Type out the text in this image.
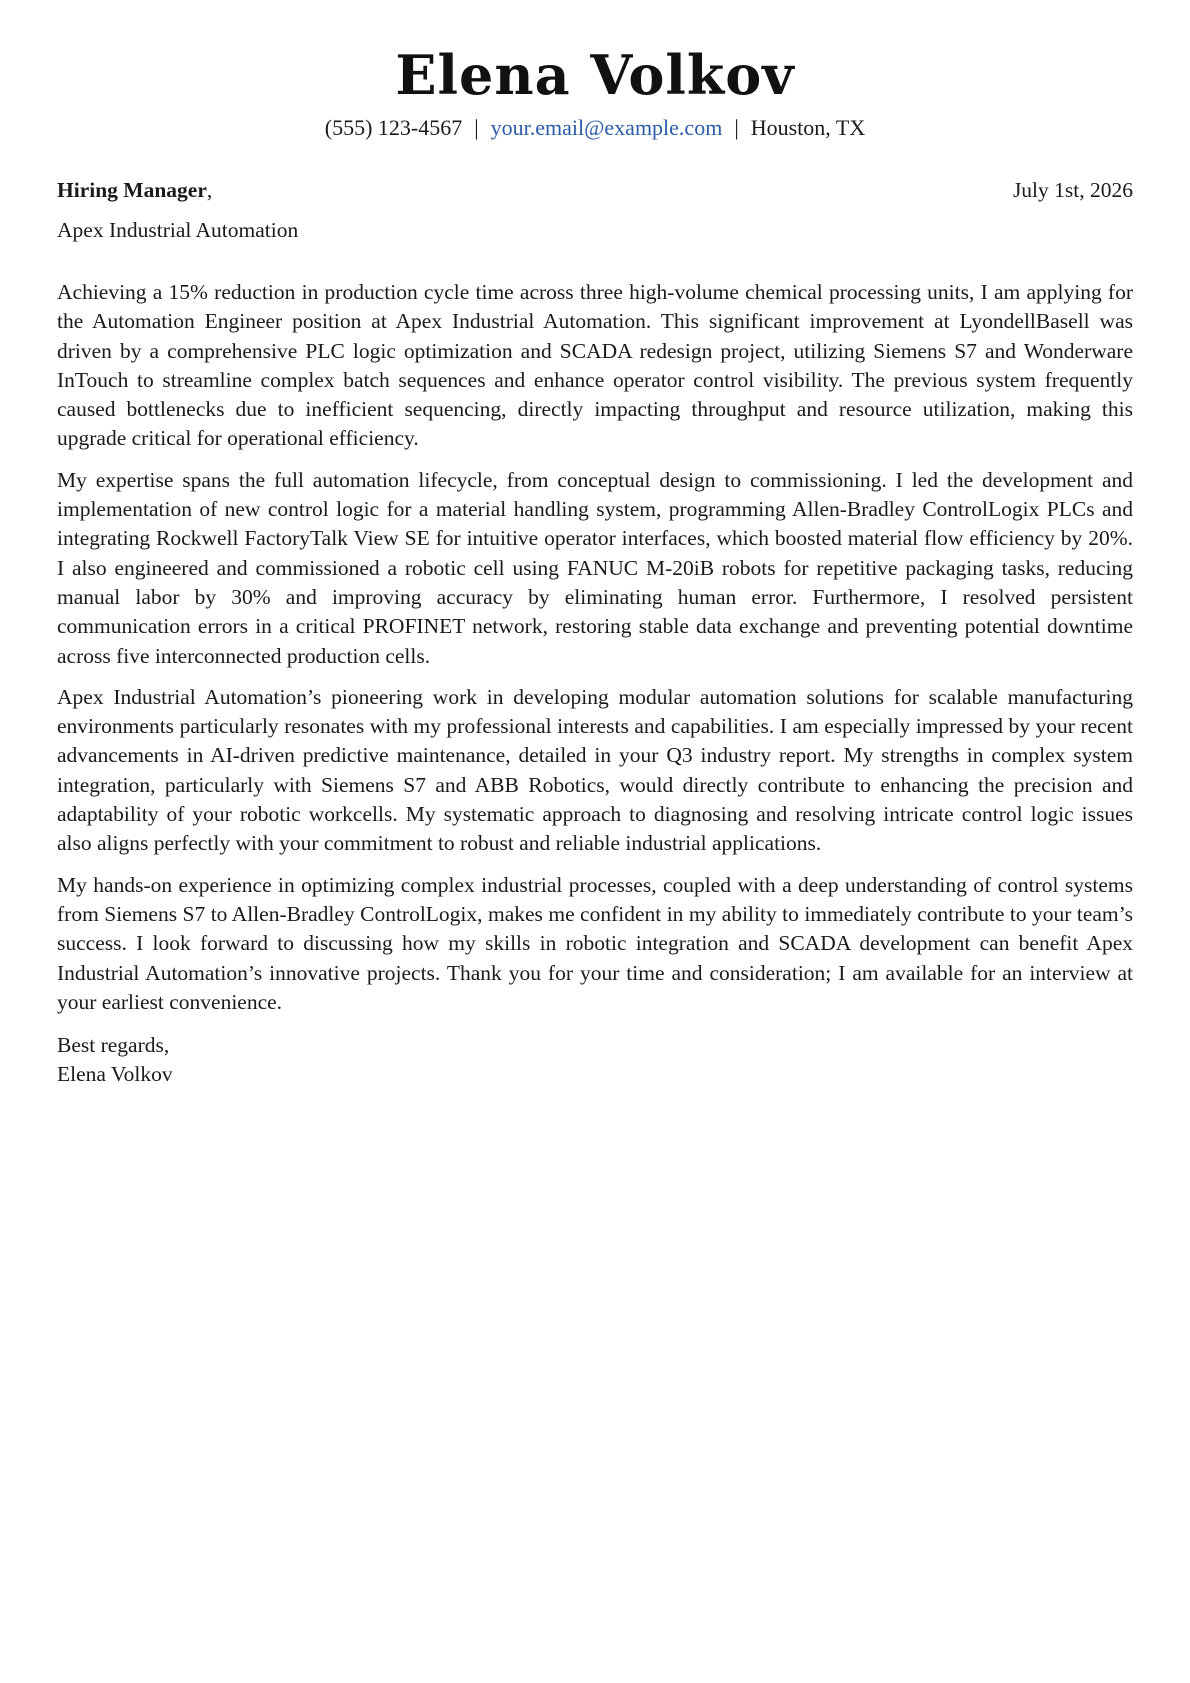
Elena Volkov
(555) 123-4567 | your.email@example.com | Houston, TX
Hiring Manager,	July 1st, 2026
Apex Industrial Automation

Achieving a 15% reduction in production cycle time across three high-volume chemical processing units, I am applying for the Automation Engineer position at Apex Industrial Automation. This significant improvement at LyondellBasell was driven by a comprehensive PLC logic optimization and SCADA redesign project, utilizing Siemens S7 and Wonderware InTouch to streamline complex batch sequences and enhance operator control visibility. The previous system frequently caused bottlenecks due to inefficient sequencing, directly impacting throughput and resource utilization, making this upgrade critical for operational efficiency.

My expertise spans the full automation lifecycle, from conceptual design to commissioning. I led the development and implementation of new control logic for a material handling system, programming Allen-Bradley ControlLogix PLCs and integrating Rockwell FactoryTalk View SE for intuitive operator interfaces, which boosted material flow efficiency by 20%. I also engineered and commissioned a robotic cell using FANUC M-20iB robots for repetitive packaging tasks, reducing manual labor by 30% and improving accuracy by eliminating human error. Furthermore, I resolved persistent communication errors in a critical PROFINET network, restoring stable data exchange and preventing potential downtime across five interconnected production cells.

Apex Industrial Automation’s pioneering work in developing modular automation solutions for scalable manufacturing environments particularly resonates with my professional interests and capabilities. I am especially impressed by your recent advancements in AI-driven predictive maintenance, detailed in your Q3 industry report. My strengths in complex system integration, particularly with Siemens S7 and ABB Robotics, would directly contribute to enhancing the precision and adaptability of your robotic workcells. My systematic approach to diagnosing and resolving intricate control logic issues also aligns perfectly with your commitment to robust and reliable industrial applications.

My hands-on experience in optimizing complex industrial processes, coupled with a deep understanding of control systems from Siemens S7 to Allen-Bradley ControlLogix, makes me confident in my ability to immediately contribute to your team’s success. I look forward to discussing how my skills in robotic integration and SCADA development can benefit Apex Industrial Automation’s innovative projects. Thank you for your time and consideration; I am available for an interview at your earliest convenience.

Best regards,
Elena Volkov
